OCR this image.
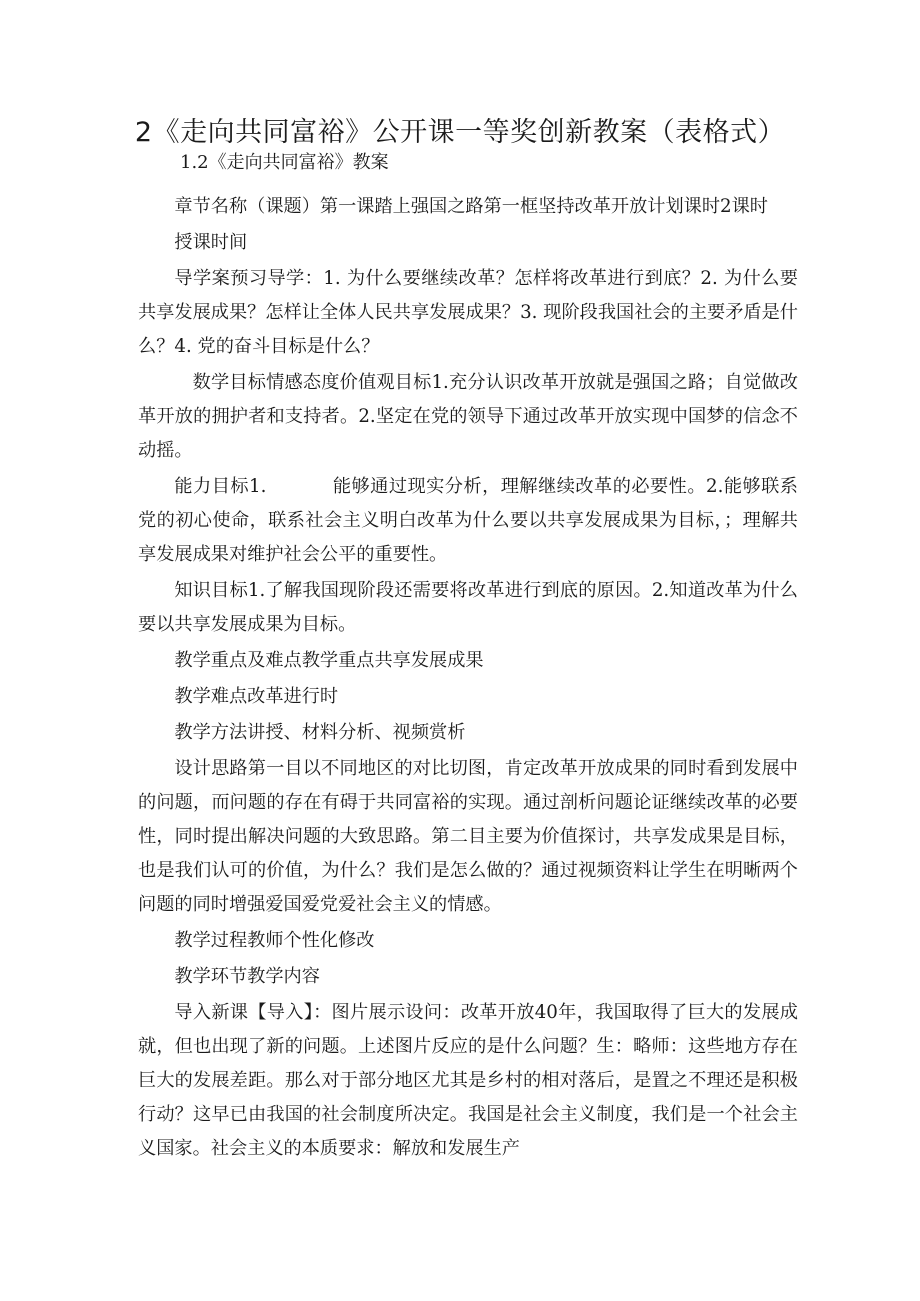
2《走向共同富裕》公开课一等奖创新教案（表格式）
1.2《走向共同富裕》教案

章节名称（课题）第一课踏上强国之路第一框坚持改革开放计划课时2课时

授课时间

导学案预习导学：1. 为什么要继续改革？怎样将改革进行到底？2. 为什么要共享发展成果？怎样让全体人民共享发展成果？3. 现阶段我国社会的主要矛盾是什么？4. 党的奋斗目标是什么？

数学目标情感态度价值观目标1.充分认识改革开放就是强国之路；自觉做改革开放的拥护者和支持者。2.坚定在党的领导下通过改革开放实现中国梦的信念不动摇。

能力目标1.	能够通过现实分析，理解继续改革的必要性。2.能够联系党的初心使命，联系社会主义明白改革为什么要以共享发展成果为目标，；理解共享发展成果对维护社会公平的重要性。

知识目标1.了解我国现阶段还需要将改革进行到底的原因。2.知道改革为什么要以共享发展成果为目标。

教学重点及难点教学重点共享发展成果

教学难点改革进行时

教学方法讲授、材料分析、视频赏析

设计思路第一目以不同地区的对比切图，肯定改革开放成果的同时看到发展中的问题，而问题的存在有碍于共同富裕的实现。通过剖析问题论证继续改革的必要性，同时提出解决问题的大致思路。第二目主要为价值探讨，共享发成果是目标，也是我们认可的价值，为什么？我们是怎么做的？通过视频资料让学生在明晰两个问题的同时增强爱国爱党爱社会主义的情感。

教学过程教师个性化修改

教学环节教学内容

导入新课【导入】：图片展示设问：改革开放40年，我国取得了巨大的发展成就，但也出现了新的问题。上述图片反应的是什么问题？生：略师：这些地方存在巨大的发展差距。那么对于部分地区尤其是乡村的相对落后，是置之不理还是积极行动？这早已由我国的社会制度所决定。我国是社会主义制度，我们是一个社会主义国家。社会主义的本质要求：解放和发展生产
